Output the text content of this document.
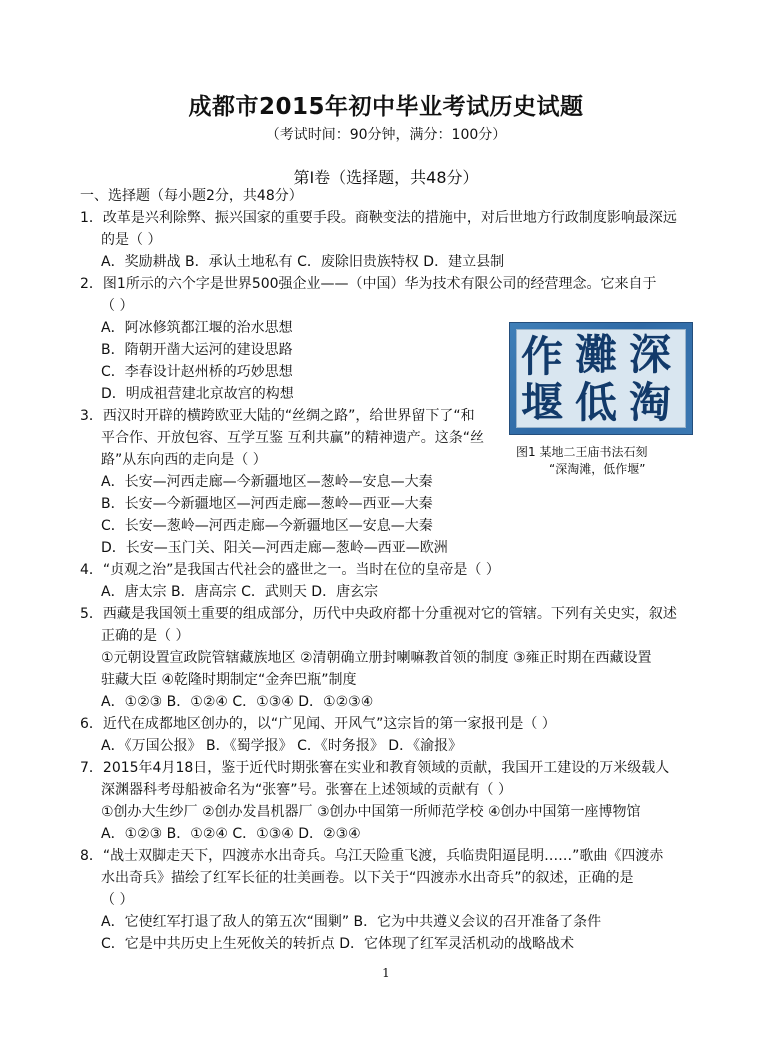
成都市2015年初中毕业考试历史试题
（考试时间：90分钟，满分：100分）
第Ⅰ卷（选择题，共48分）
一、选择题（每小题2分，共48分）
1．改革是兴利除弊、振兴国家的重要手段。商鞅变法的措施中，对后世地方行政制度影响最深远
的是（ ）
A．奖励耕战 B．承认土地私有 C．废除旧贵族特权 D．建立县制
2．图1所示的六个字是世界500强企业——（中国）华为技术有限公司的经营理念。它来自于
（ ）
A．阿冰修筑都江堰的治水思想
B．隋朝开凿大运河的建设思路
C．李春设计赵州桥的巧妙思想
D．明成祖营建北京故宫的构想
3．西汉时开辟的横跨欧亚大陆的“丝绸之路”，给世界留下了“和
平合作、开放包容、互学互鉴 互利共赢”的精神遗产。这条“丝
路”从东向西的走向是（ ）
A．长安—河西走廊—今新疆地区—葱岭—安息—大秦
B．长安—今新疆地区—河西走廊—葱岭—西亚—大秦
C．长安—葱岭—河西走廊—今新疆地区—安息—大秦
D．长安—玉门关、阳关—河西走廊—葱岭—西亚—欧洲
4．“贞观之治”是我国古代社会的盛世之一。当时在位的皇帝是（ ）
A．唐太宗 B．唐高宗 C．武则天 D．唐玄宗
5．西藏是我国领土重要的组成部分，历代中央政府都十分重视对它的管辖。下列有关史实，叙述
正确的是（ ）
①元朝设置宣政院管辖藏族地区 ②清朝确立册封喇嘛教首领的制度 ③雍正时期在西藏设置
驻藏大臣 ④乾隆时期制定“金奔巴瓶”制度
A．①②③ B．①②④ C．①③④ D．①②③④
6．近代在成都地区创办的，以“广见闻、开风气”这宗旨的第一家报刊是（ ）
A．《万国公报》 B．《蜀学报》 C．《时务报》 D．《渝报》
7．2015年4月18日，鉴于近代时期张謇在实业和教育领域的贡献，我国开工建设的万米级载人
深渊器科考母船被命名为“张謇”号。张謇在上述领域的贡献有（ ）
①创办大生纱厂 ②创办发昌机器厂 ③创办中国第一所师范学校 ④创办中国第一座博物馆
A．①②③ B．①②④ C．①③④ D．②③④
8．“战士双脚走天下，四渡赤水出奇兵。乌江天险重飞渡，兵临贵阳逼昆明……”歌曲《四渡赤
水出奇兵》描绘了红军长征的壮美画卷。以下关于“四渡赤水出奇兵”的叙述，正确的是
（ ）
A．它使红军打退了敌人的第五次“围剿” B．它为中共遵义会议的召开准备了条件
C．它是中共历史上生死攸关的转折点 D．它体现了红军灵活机动的战略战术
作 灘 深
堰 低 淘
图1 某地二王庙书法石刻
“深淘滩，低作堰”
1
